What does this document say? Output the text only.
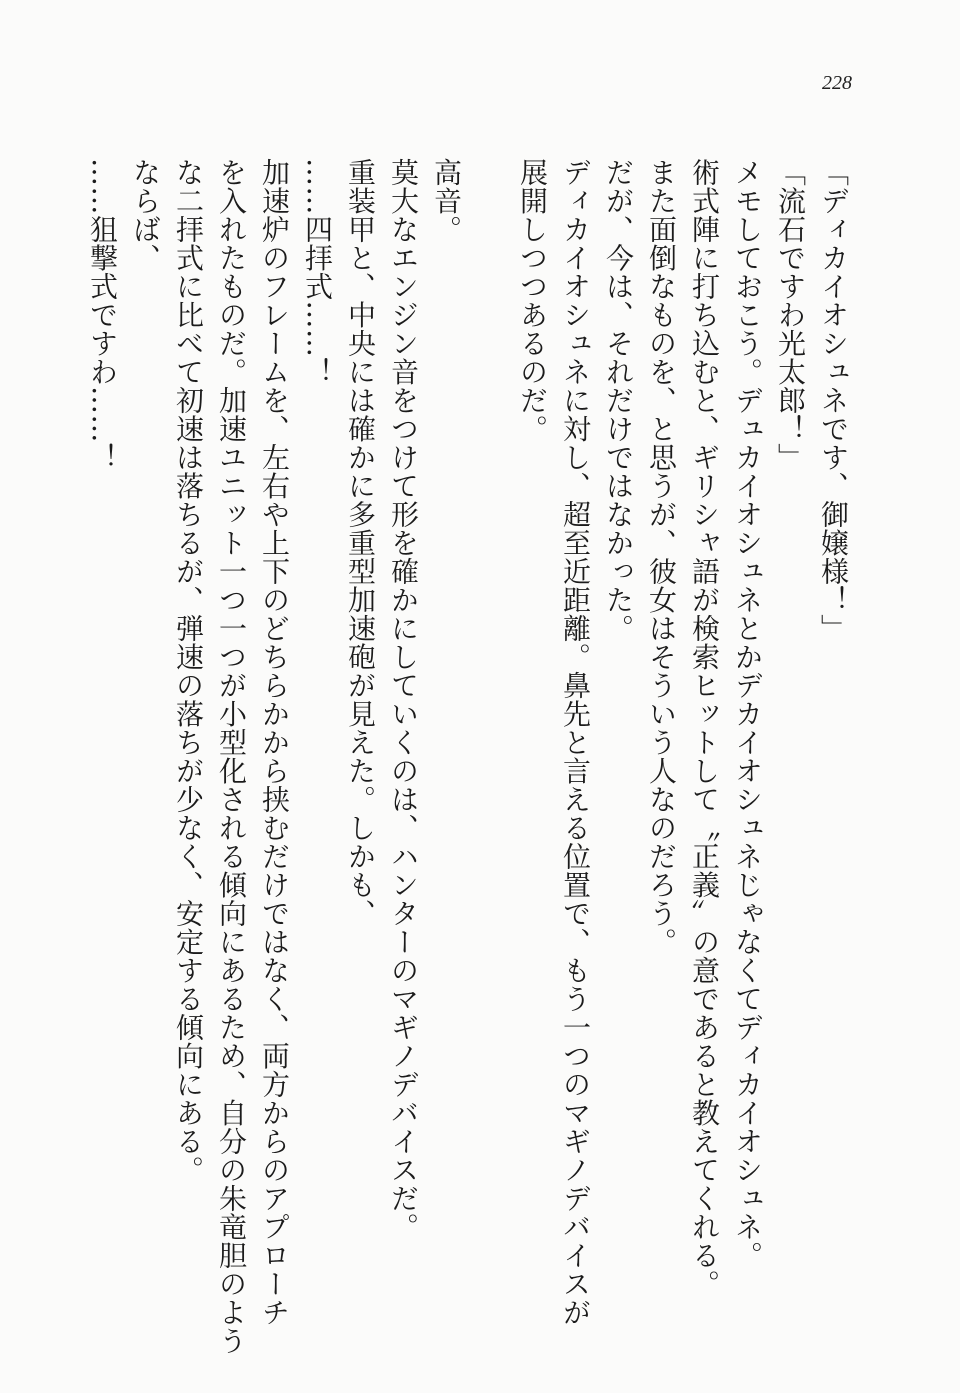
228

「ディカイオシュネです、御嬢様！」

「流石ですわ光太郎！」

メモしておこう。デュカイオシュネとかデカイオシュネじゃなくてディカイオシュネ。

術式陣に打ち込むと、ギリシャ語が検索ヒットして〝正義〟の意であると教えてくれる。

また面倒なものを、と思うが、彼女はそういう人なのだろう。

だが、今は、それだけではなかった。

ディカイオシュネに対し、超至近距離。鼻先と言える位置で、もう一つのマギノデバイスが

展開しつつあるのだ。

高音。

莫大なエンジン音をつけて形を確かにしていくのは、ハンターのマギノデバイスだ。

重装甲と、中央には確かに多重型加速砲が見えた。しかも、

……四拝式……！

加速炉のフレームを、左右や上下のどちらかから挟むだけではなく、両方からのアプローチ

を入れたものだ。加速ユニット一つ一つが小型化される傾向にあるため、自分の朱竜胆のよう

な二拝式に比べて初速は落ちるが、弾速の落ちが少なく、安定する傾向にある。

ならば、

……狙撃式ですわ……！
